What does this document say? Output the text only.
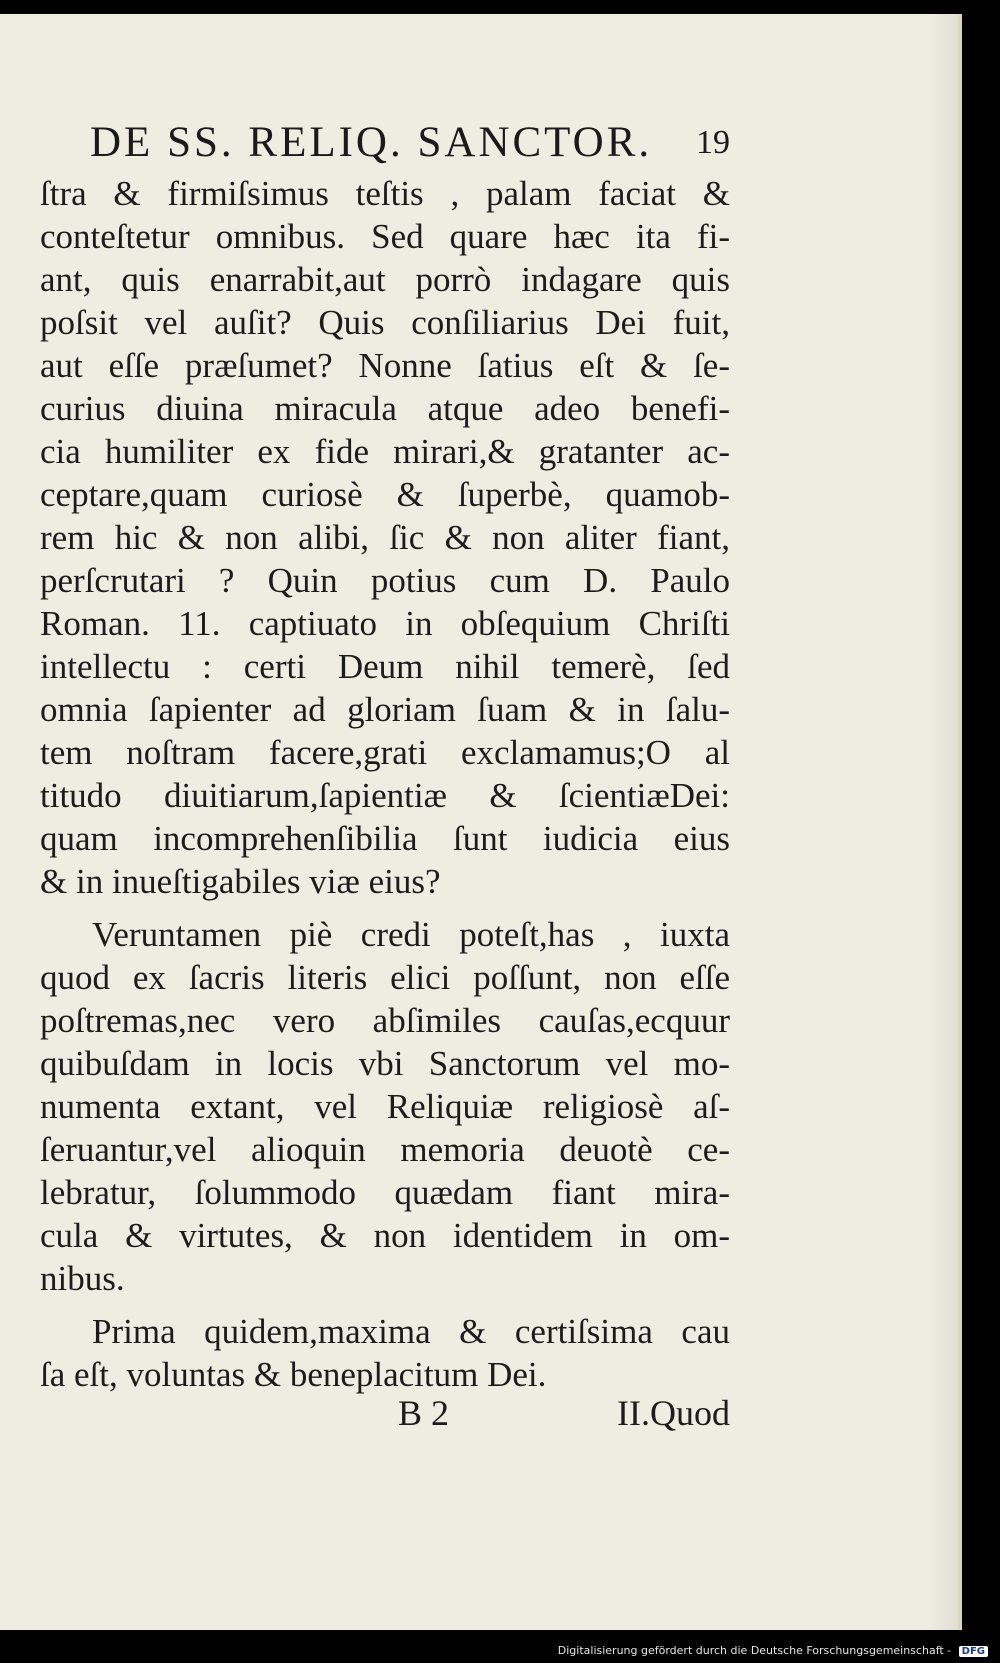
DE SS. RELIQ. SANCTOR. 19
ſtra & firmiſsimus teſtis , palam faciat &
conteſtetur omnibus. Sed quare hæc ita fi-
ant, quis enarrabit,aut porrò indagare quis
poſsit vel auſit? Quis conſiliarius Dei fuit,
aut eſſe præſumet? Nonne ſatius eſt & ſe-
curius diuina miracula atque adeo benefi-
cia humiliter ex fide mirari,& gratanter ac-
ceptare,quam curiosè & ſuperbè, quamob-
rem hic & non alibi, ſic & non aliter fiant,
perſcrutari ? Quin potius cum D. Paulo
Roman. 11. captiuato in obſequium Chriſti
intellectu : certi Deum nihil temerè, ſed
omnia ſapienter ad gloriam ſuam & in ſalu-
tem noſtram facere,grati exclamamus;O al
titudo diuitiarum,ſapientiæ & ſcientiæDei:
quam incomprehenſibilia ſunt iudicia eius
& in inueſtigabiles viæ eius?
Veruntamen piè credi poteſt,has , iuxta
quod ex ſacris literis elici poſſunt, non eſſe
poſtremas,nec vero abſimiles cauſas,ecquur
quibuſdam in locis vbi Sanctorum vel mo-
numenta extant, vel Reliquiæ religiosè aſ-
ſeruantur,vel alioquin memoria deuotè ce-
lebratur, ſolummodo quædam fiant mira-
cula & virtutes, & non identidem in om-
nibus.
Prima quidem,maxima & certiſsima cau
ſa eſt, voluntas & beneplacitum Dei.
B 2	II.Quod
Digitalisierung gefördert durch die Deutsche Forschungsgemeinschaft - DFG
